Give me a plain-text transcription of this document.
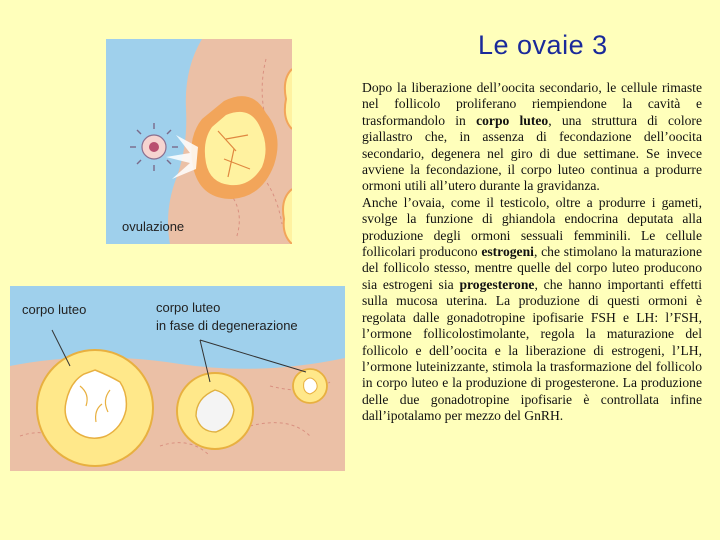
Le ovaie 3
ovulazione
corpo luteo	corpo luteo
in fase di degenerazione
Dopo la liberazione dell’oocita secondario, le cellule rimaste nel follicolo proliferano riempiendone la cavità e trasformandolo in corpo luteo, una struttura di colore giallastro che, in assenza di fecondazione dell’oocita secondario, degenera nel giro di due settimane. Se invece avviene la fecondazione, il corpo luteo continua a produrre ormoni utili all’utero durante la gravidanza.
Anche l’ovaia, come il testicolo, oltre a produrre i gameti, svolge la funzione di ghiandola endocrina deputata alla produzione degli ormoni sessuali femminili. Le cellule follicolari producono estrogeni, che stimolano la maturazione del follicolo stesso, mentre quelle del corpo luteo producono sia estrogeni sia progesterone, che hanno importanti effetti sulla mucosa uterina. La produzione di questi ormoni è regolata dalle gonadotropine ipofisarie FSH e LH: l’FSH, l’ormone follicolostimolante, regola la maturazione del follicolo e dell’oocita e la liberazione di estrogeni, l’LH, l’ormone luteinizzante, stimola la trasformazione del follicolo in corpo luteo e la produzione di progesterone. La produzione delle due gonadotropine ipofisarie è controllata infine dall’ipotalamo per mezzo del GnRH.
